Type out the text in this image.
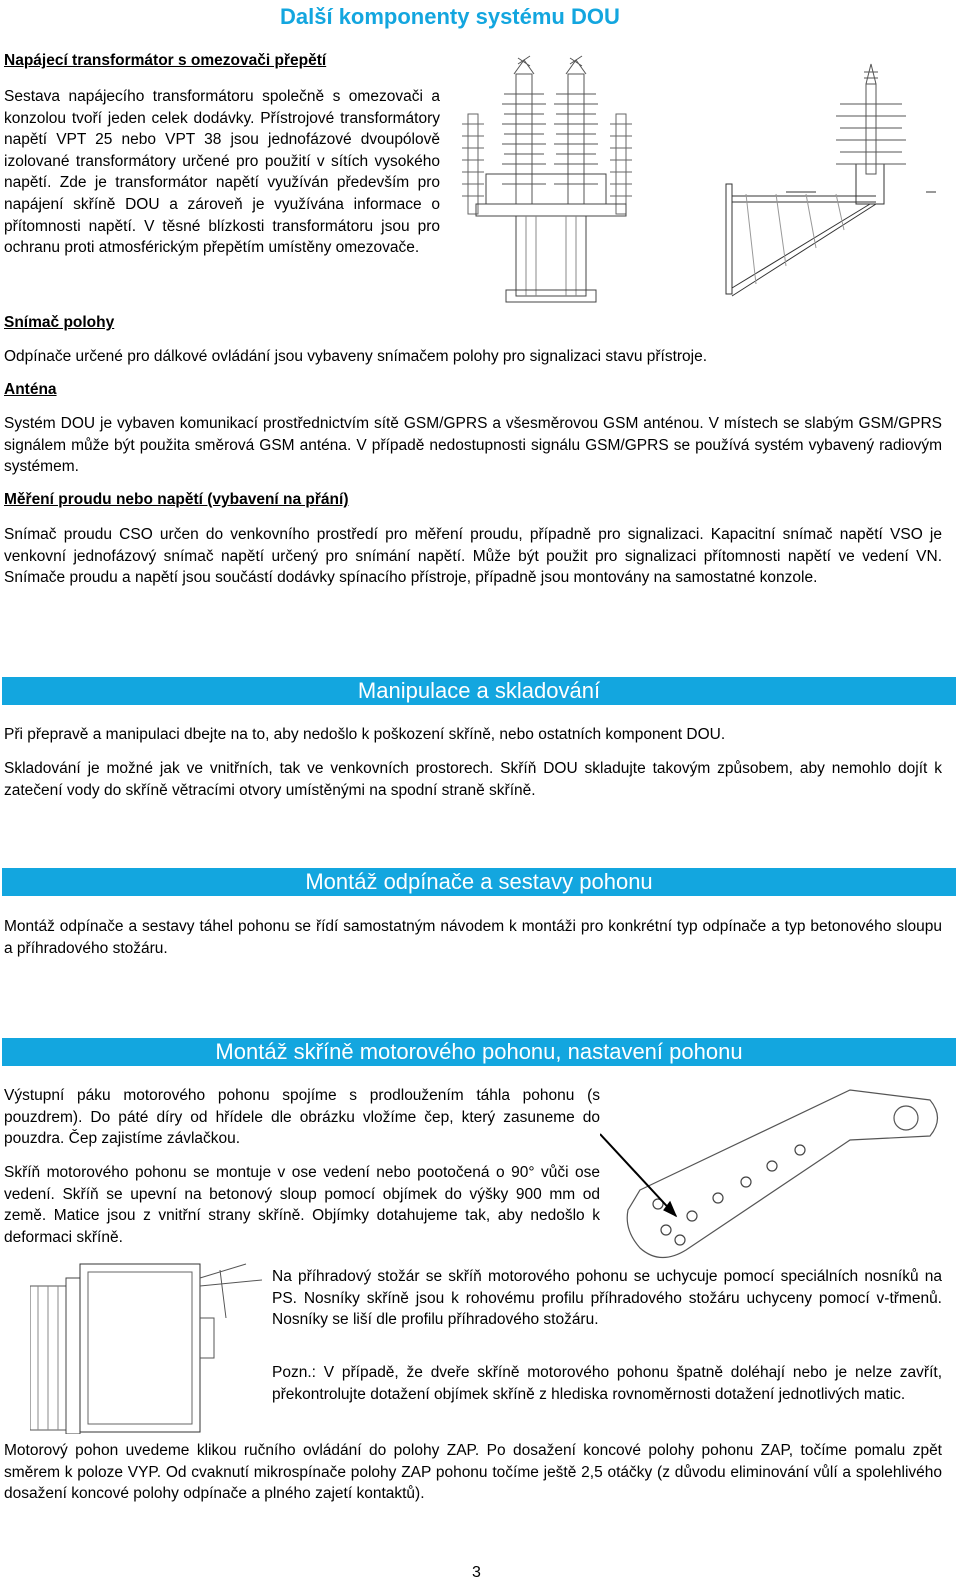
Další komponenty systému DOU
Napájecí transformátor s omezovači přepětí
Sestava napájecího transformátoru společně s omezovači a konzolou tvoří jeden celek dodávky. Přístrojové transformátory napětí VPT 25 nebo VPT 38 jsou jednofázové dvoupólově izolované transformátory určené pro použití v sítích vysokého napětí. Zde je transformátor napětí využíván především pro napájení skříně DOU a zároveň je využívána informace o přítomnosti napětí. V těsné blízkosti transformátoru jsou pro ochranu proti atmosférickým přepětím umístěny omezovače.
Snímač polohy
Odpínače určené pro dálkové ovládání jsou vybaveny snímačem polohy pro signalizaci stavu přístroje.
Anténa
Systém DOU je vybaven komunikací prostřednictvím sítě GSM/GPRS a všesměrovou GSM anténou. V místech se slabým GSM/GPRS signálem může být použita směrová GSM anténa. V případě nedostupnosti signálu GSM/GPRS se používá systém vybavený radiovým systémem.
Měření proudu nebo napětí (vybavení na přání)
Snímač proudu CSO určen do venkovního prostředí pro měření proudu, případně pro signalizaci. Kapacitní snímač napětí VSO je venkovní jednofázový snímač napětí určený pro snímání napětí. Může být použit pro signalizaci přítomnosti napětí ve vedení VN. Snímače proudu a napětí jsou součástí dodávky spínacího přístroje, případně jsou montovány na samostatné konzole.
Manipulace a skladování
Při přepravě a manipulaci dbejte na to, aby nedošlo k poškození skříně, nebo ostatních komponent DOU.
Skladování je možné jak ve vnitřních, tak ve venkovních prostorech. Skříň DOU skladujte takovým způsobem, aby nemohlo dojít k zatečení vody do skříně větracími otvory umístěnými na spodní straně skříně.
Montáž odpínače a sestavy pohonu
Montáž odpínače a sestavy táhel pohonu se řídí samostatným návodem k montáži pro konkrétní typ odpínače a typ betonového sloupu a příhradového stožáru.
Montáž skříně motorového pohonu, nastavení pohonu
Výstupní páku motorového pohonu spojíme s prodloužením táhla pohonu (s pouzdrem). Do páté díry od hřídele dle obrázku vložíme čep, který zasuneme do pouzdra. Čep zajistíme závlačkou.
Skříň motorového pohonu se montuje v ose vedení nebo pootočená o 90° vůči ose vedení. Skříň se upevní na betonový sloup pomocí objímek do výšky 900 mm od země. Matice jsou z vnitřní strany skříně. Objímky dotahujeme tak, aby nedošlo k deformaci skříně.
Na příhradový stožár se skříň motorového pohonu se uchycuje pomocí speciálních nosníků na PS. Nosníky skříně jsou k rohovému profilu příhradového stožáru uchyceny pomocí v-třmenů. Nosníky se liší dle profilu příhradového stožáru.
Pozn.: V případě, že dveře skříně motorového pohonu špatně doléhají nebo je nelze zavřít, překontrolujte dotažení objímek skříně z hlediska rovnoměrnosti dotažení jednotlivých matic.
Motorový pohon uvedeme klikou ručního ovládání do polohy ZAP. Po dosažení koncové polohy pohonu ZAP, točíme pomalu zpět směrem k poloze VYP. Od cvaknutí mikrospínače polohy ZAP pohonu točíme ještě 2,5 otáčky (z důvodu eliminování vůlí a spolehlivého dosažení koncové polohy odpínače a plného zajetí kontaktů).
3
